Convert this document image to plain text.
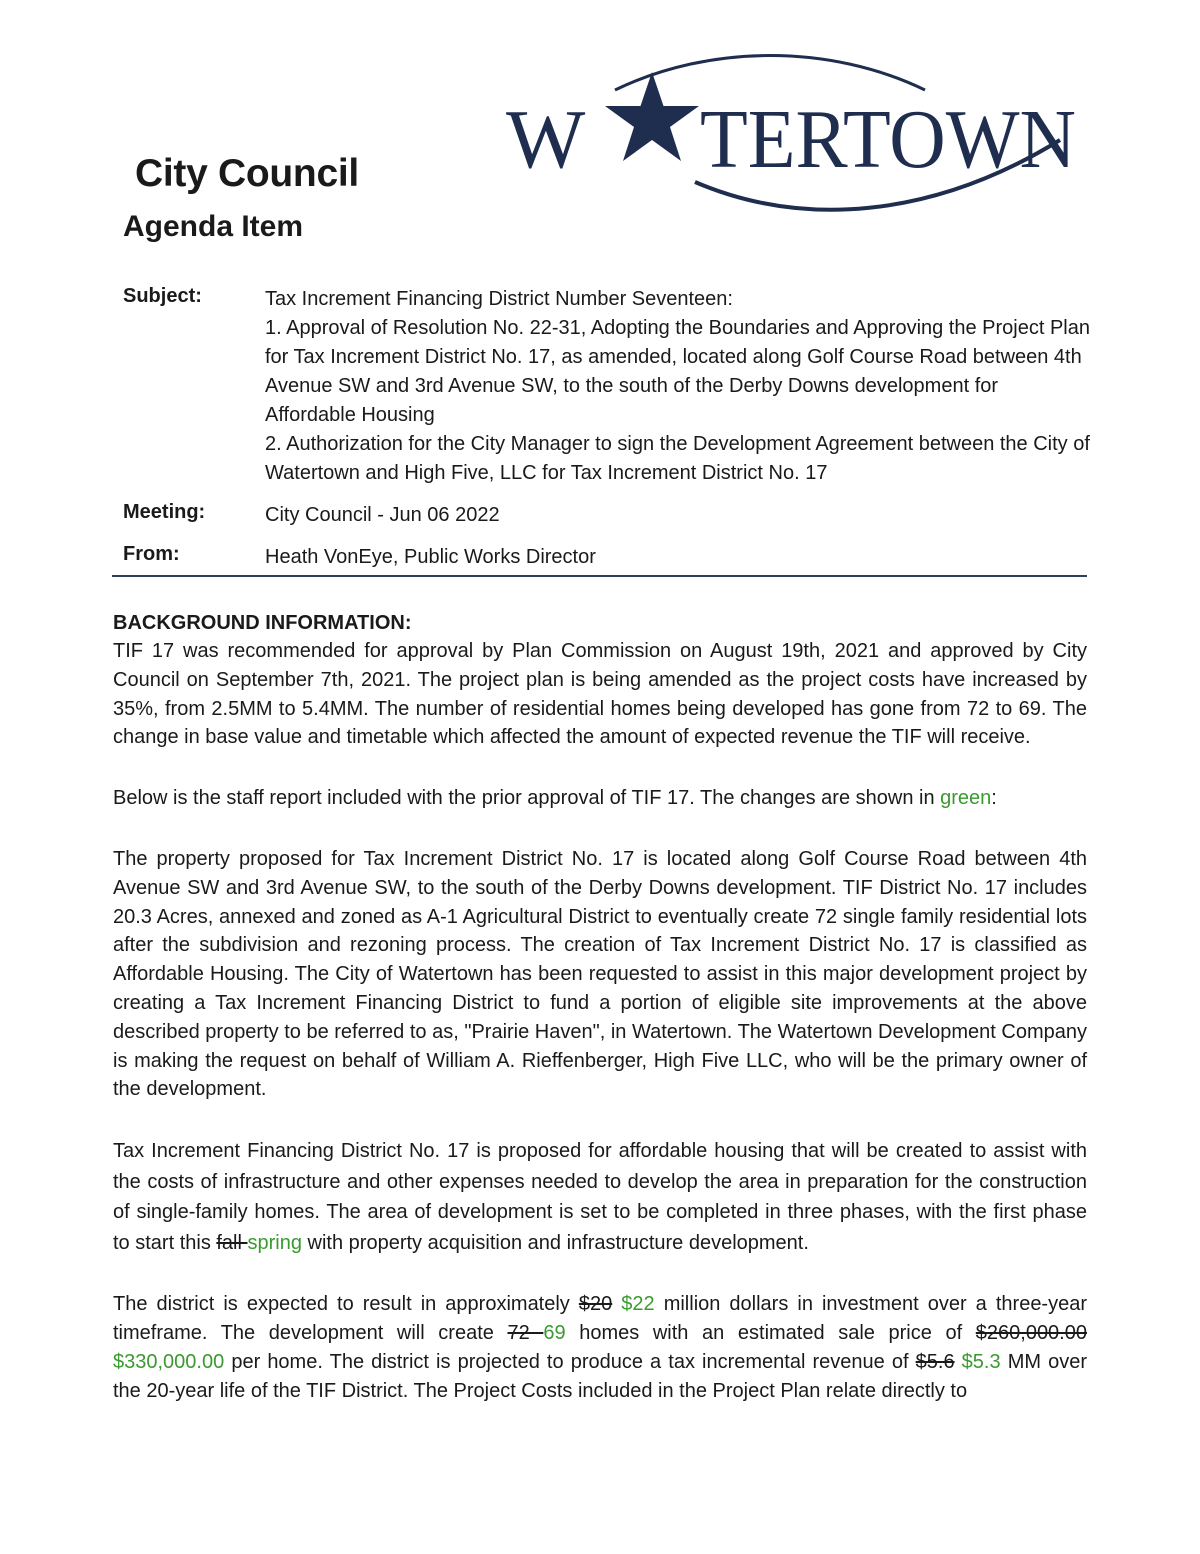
W TERTOWN
City Council
Agenda Item
Subject:	Tax Increment Financing District Number Seventeen:

1. Approval of Resolution No. 22-31, Adopting the Boundaries and Approving the Project Plan for Tax Increment District No. 17, as amended, located along Golf Course Road between 4th Avenue SW and 3rd Avenue SW, to the south of the Derby Downs development for Affordable Housing

2. Authorization for the City Manager to sign the Development Agreement between the City of Watertown and High Five, LLC for Tax Increment District No. 17

Meeting:	City Council - Jun 06 2022
From:	Heath VonEye, Public Works Director
BACKGROUND INFORMATION:

TIF 17 was recommended for approval by Plan Commission on August 19th, 2021 and approved by City Council on September 7th, 2021. The project plan is being amended as the project costs have increased by 35%, from 2.5MM to 5.4MM. The number of residential homes being developed has gone from 72 to 69. The change in base value and timetable which affected the amount of expected revenue the TIF will receive.

Below is the staff report included with the prior approval of TIF 17. The changes are shown in green:

The property proposed for Tax Increment District No. 17 is located along Golf Course Road between 4th Avenue SW and 3rd Avenue SW, to the south of the Derby Downs development. TIF District No. 17 includes 20.3 Acres, annexed and zoned as A-1 Agricultural District to eventually create 72 single family residential lots after the subdivision and rezoning process. The creation of Tax Increment District No. 17 is classified as Affordable Housing. The City of Watertown has been requested to assist in this major development project by creating a Tax Increment Financing District to fund a portion of eligible site improvements at the above described property to be referred to as, "Prairie Haven", in Watertown. The Watertown Development Company is making the request on behalf of William A. Rieffenberger, High Five LLC, who will be the primary owner of the development.

Tax Increment Financing District No. 17 is proposed for affordable housing that will be created to assist with the costs of infrastructure and other expenses needed to develop the area in preparation for the construction of single-family homes. The area of development is set to be completed in three phases, with the first phase to start this fall spring with property acquisition and infrastructure development.

The district is expected to result in approximately $20 $22 million dollars in investment over a three-year timeframe. The development will create 72 69 homes with an estimated sale price of $260,000.00 $330,000.00 per home. The district is projected to produce a tax incremental revenue of $5.6 $5.3 MM over the 20-year life of the TIF District. The Project Costs included in the Project Plan relate directly to
